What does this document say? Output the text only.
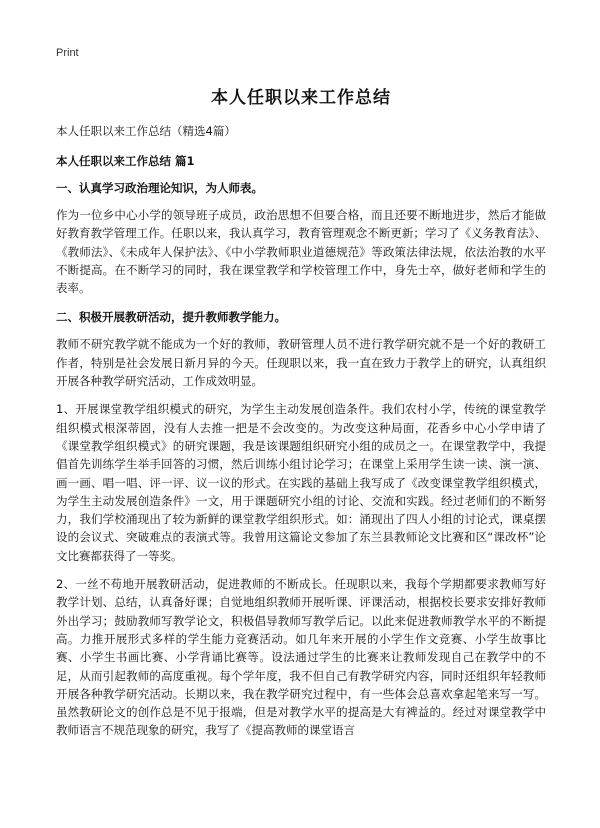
Print
本人任职以来工作总结
本人任职以来工作总结（精选4篇）
本人任职以来工作总结 篇1
一、认真学习政治理论知识，为人师表。

作为一位乡中心小学的领导班子成员，政治思想不但要合格，而且还要不断地进步，然后才能做好教育教学管理工作。任职以来，我认真学习，教育管理观念不断更新；学习了《义务教育法》、《教师法》、《未成年人保护法》、《中小学教师职业道德规范》等政策法律法规，依法治教的水平不断提高。在不断学习的同时，我在课堂教学和学校管理工作中，身先士卒，做好老师和学生的表率。

二、积极开展教研活动，提升教师教学能力。

教师不研究教学就不能成为一个好的教师，教研管理人员不进行教学研究就不是一个好的教研工作者，特别是社会发展日新月异的今天。任现职以来，我一直在致力于教学上的研究，认真组织开展各种教学研究活动，工作成效明显。

1、开展课堂教学组织模式的研究，为学生主动发展创造条件。我们农村小学，传统的课堂教学组织模式根深蒂固，没有人去推一把是不会改变的。为改变这种局面，花香乡中心小学申请了《课堂教学组织模式》的研究课题，我是该课题组织研究小组的成员之一。在课堂教学中，我提倡首先训练学生举手回答的习惯，然后训练小组讨论学习；在课堂上采用学生读一读、演一演、画一画、唱一唱、评一评、议一议的形式。在实践的基础上我写成了《改变课堂教学组织模式，为学生主动发展创造条件》一文，用于课题研究小组的讨论、交流和实践。经过老师们的不断努力，我们学校涌现出了较为新鲜的课堂教学组织形式。如：涌现出了四人小组的讨论式，课桌摆设的会议式、突破难点的表演式等。我曾用这篇论文参加了东兰县教师论文比赛和区“课改杯”论文比赛都获得了一等奖。

2、一丝不苟地开展教研活动，促进教师的不断成长。任现职以来，我每个学期都要求教师写好教学计划、总结，认真备好课；自觉地组织教师开展听课、评课活动，根据校长要求安排好教师外出学习；鼓励教师写教学论文，积极倡导教师写教学后记。以此来促进教师教学水平的不断提高。力推开展形式多样的学生能力竞赛活动。如几年来开展的小学生作文竞赛、小学生故事比赛、小学生书画比赛、小学背诵比赛等。设法通过学生的比赛来让教师发现自己在教学中的不足，从而引起教师的高度重视。每个学年度，我不但自己有教学研究内容，同时还组织年轻教师开展各种教学研究活动。长期以来，我在教学研究过程中，有一些体会总喜欢拿起笔来写一写。虽然教研论文的创作总是不见于报端，但是对教学水平的提高是大有裨益的。经过对课堂教学中教师语言不规范现象的研究，我写了《提高教师的课堂语言
